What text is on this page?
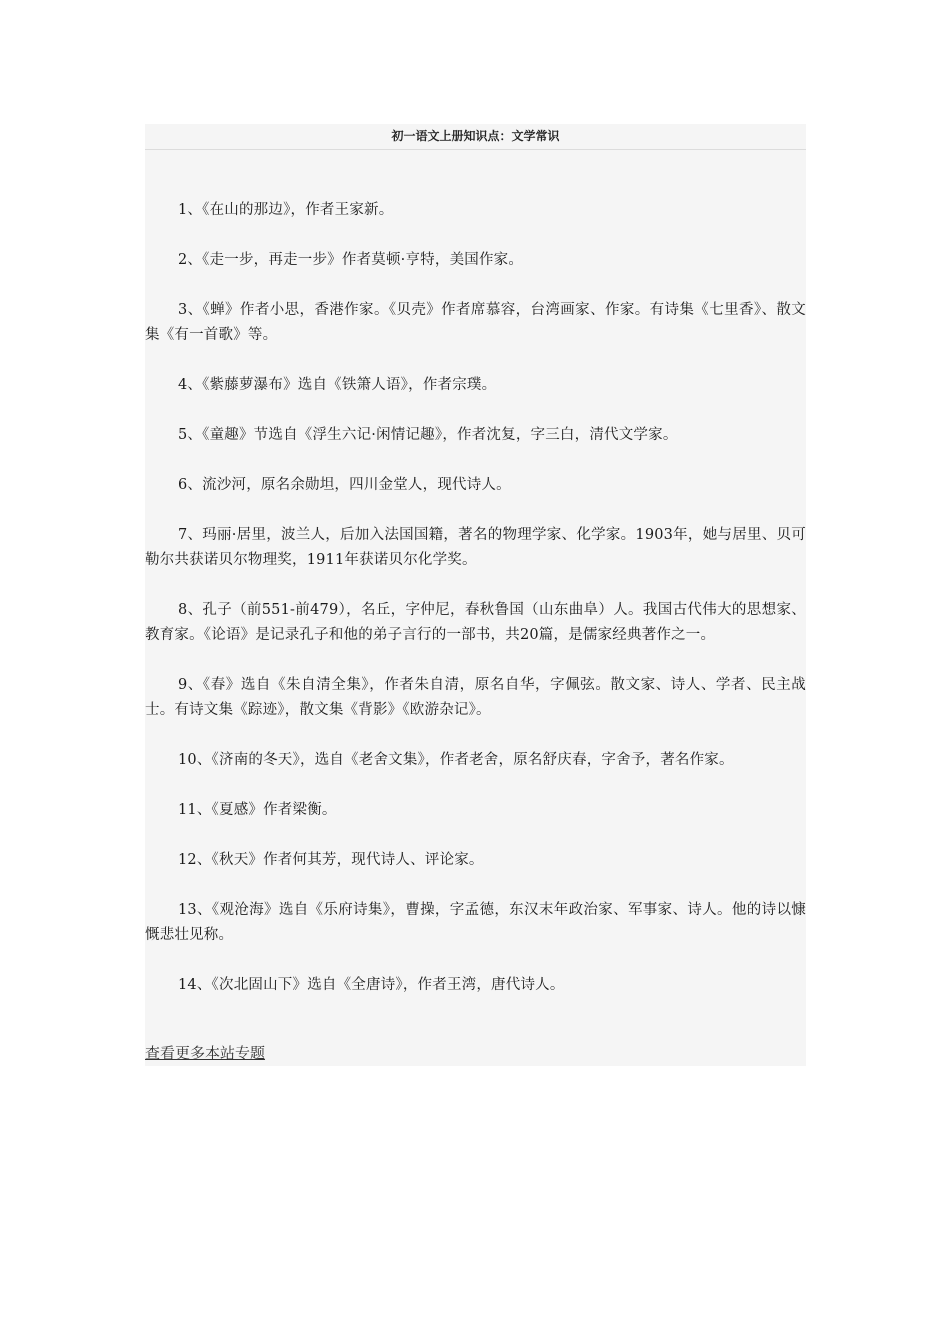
初一语文上册知识点：文学常识

1、《在山的那边》，作者王家新。

2、《走一步，再走一步》作者莫顿·亨特，美国作家。

3、《蝉》作者小思，香港作家。《贝壳》作者席慕容，台湾画家、作家。有诗集《七里香》、散文集《有一首歌》等。

4、《紫藤萝瀑布》选自《铁箫人语》，作者宗璞。

5、《童趣》节选自《浮生六记·闲情记趣》，作者沈复，字三白，清代文学家。

6、流沙河，原名余勋坦，四川金堂人，现代诗人。

7、玛丽·居里，波兰人，后加入法国国籍，著名的物理学家、化学家。1903年，她与居里、贝可勒尔共获诺贝尔物理奖，1911年获诺贝尔化学奖。

8、孔子（前551-前479），名丘，字仲尼，春秋鲁国（山东曲阜）人。我国古代伟大的思想家、教育家。《论语》是记录孔子和他的弟子言行的一部书，共20篇，是儒家经典著作之一。

9、《春》选自《朱自清全集》，作者朱自清，原名自华，字佩弦。散文家、诗人、学者、民主战士。有诗文集《踪迹》，散文集《背影》《欧游杂记》。

10、《济南的冬天》，选自《老舍文集》，作者老舍，原名舒庆春，字舍予，著名作家。

11、《夏感》作者梁衡。

12、《秋天》作者何其芳，现代诗人、评论家。

13、《观沧海》选自《乐府诗集》，曹操，字孟德，东汉末年政治家、军事家、诗人。他的诗以慷慨悲壮见称。

14、《次北固山下》选自《全唐诗》，作者王湾，唐代诗人。

查看更多本站专题
